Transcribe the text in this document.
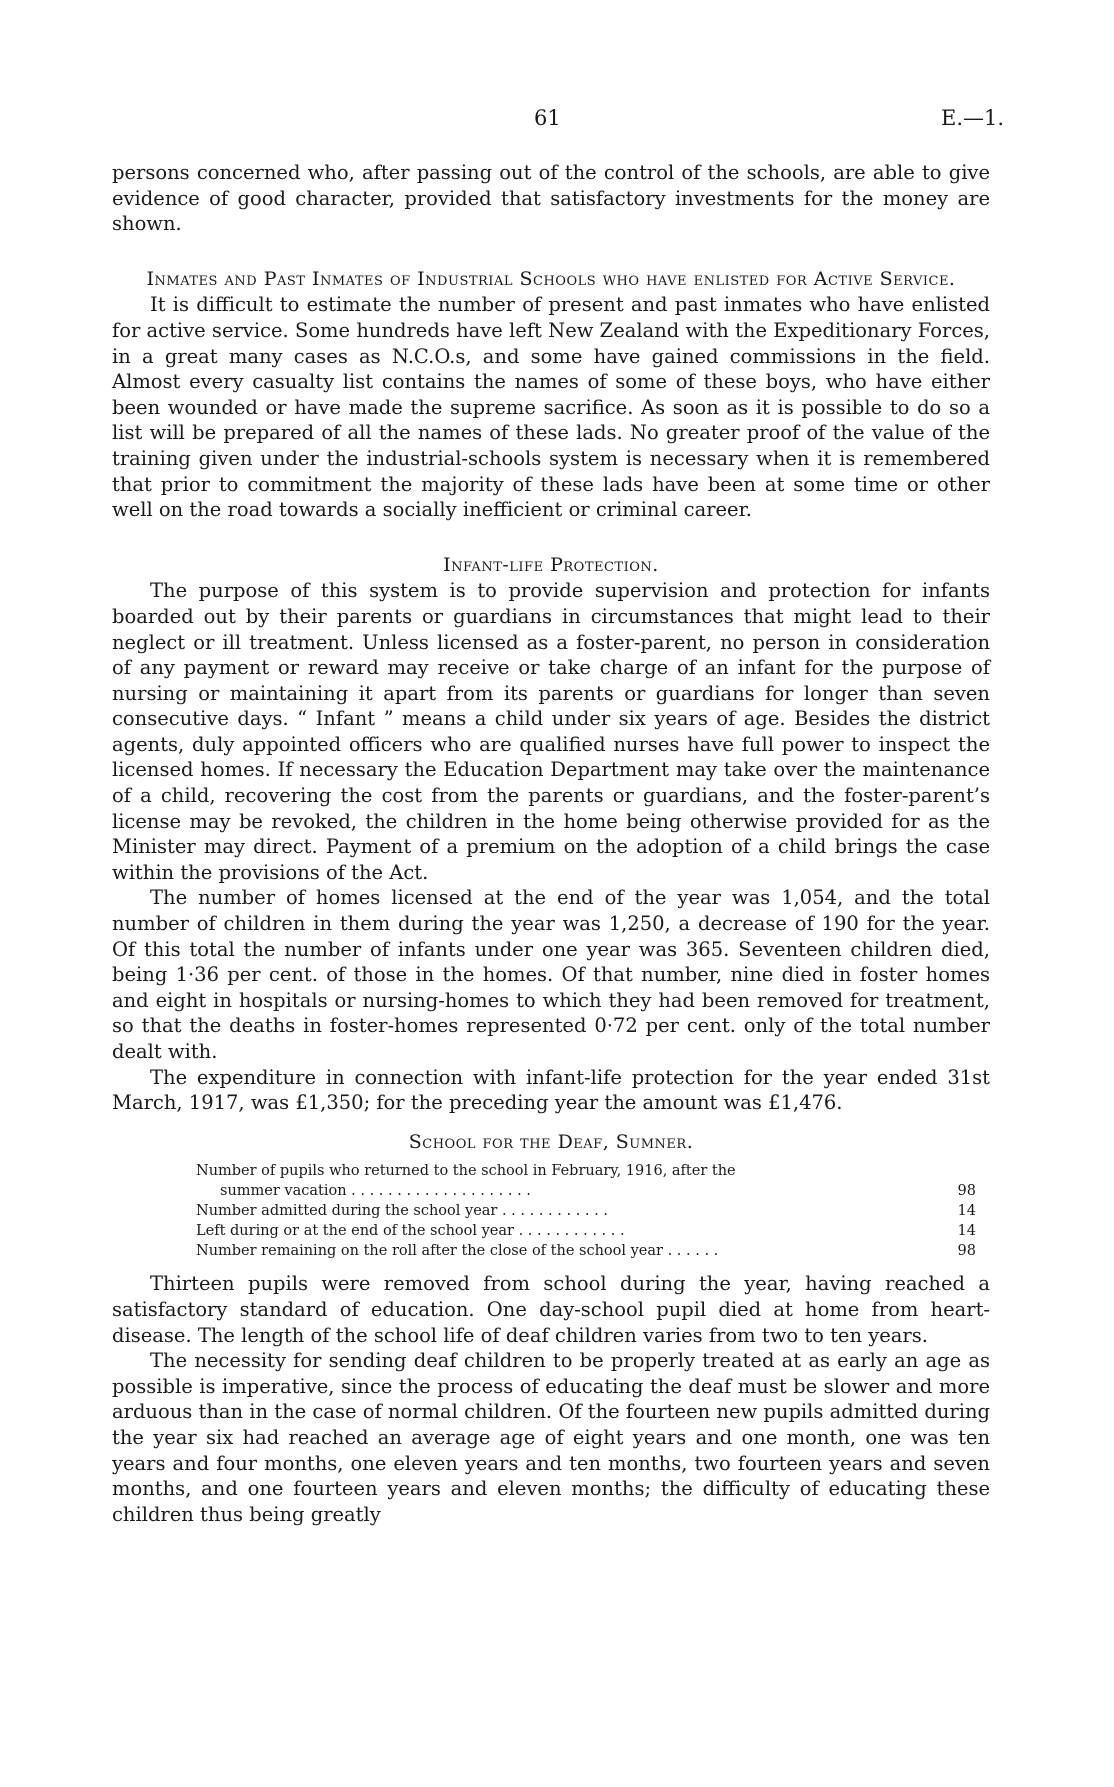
61	E.—1.

persons concerned who, after passing out of the control of the schools, are able to give evidence of good character, provided that satisfactory investments for the money are shown.

Inmates and Past Inmates of Industrial Schools who have enlisted for Active Service.

It is difficult to estimate the number of present and past inmates who have enlisted for active service. Some hundreds have left New Zealand with the Expeditionary Forces, in a great many cases as N.C.O.s, and some have gained commissions in the field. Almost every casualty list contains the names of some of these boys, who have either been wounded or have made the supreme sacrifice. As soon as it is possible to do so a list will be prepared of all the names of these lads. No greater proof of the value of the training given under the industrial-schools system is necessary when it is remembered that prior to commitment the majority of these lads have been at some time or other well on the road towards a socially inefficient or criminal career.

Infant-life Protection.

The purpose of this system is to provide supervision and protection for infants boarded out by their parents or guardians in circumstances that might lead to their neglect or ill treatment. Unless licensed as a foster-parent, no person in consideration of any payment or reward may receive or take charge of an infant for the purpose of nursing or maintaining it apart from its parents or guardians for longer than seven consecutive days. “ Infant ” means a child under six years of age. Besides the district agents, duly appointed officers who are qualified nurses have full power to inspect the licensed homes. If necessary the Education Department may take over the maintenance of a child, recovering the cost from the parents or guardians, and the foster-parent’s license may be revoked, the children in the home being otherwise provided for as the Minister may direct. Payment of a premium on the adoption of a child brings the case within the provisions of the Act.

The number of homes licensed at the end of the year was 1,054, and the total number of children in them during the year was 1,250, a decrease of 190 for the year. Of this total the number of infants under one year was 365. Seventeen children died, being 1·36 per cent. of those in the homes. Of that number, nine died in foster homes and eight in hospitals or nursing-homes to which they had been removed for treatment, so that the deaths in foster-homes represented 0·72 per cent. only of the total number dealt with.

The expenditure in connection with infant-life protection for the year ended 31st March, 1917, was £1,350; for the preceding year the amount was £1,476.

School for the Deaf, Sumner.
Number of pupils who returned to the school in February, 1916, after the
summer vacation . . . . . . . . . . . . . . . . . . . .	98
Number admitted during the school year . . . . . . . . . . . .	14
Left during or at the end of the school year . . . . . . . . . . . .	14
Number remaining on the roll after the close of the school year . . . . . .	98

Thirteen pupils were removed from school during the year, having reached a satisfactory standard of education. One day-school pupil died at home from heart-disease. The length of the school life of deaf children varies from two to ten years.

The necessity for sending deaf children to be properly treated at as early an age as possible is imperative, since the process of educating the deaf must be slower and more arduous than in the case of normal children. Of the fourteen new pupils admitted during the year six had reached an average age of eight years and one month, one was ten years and four months, one eleven years and ten months, two fourteen years and seven months, and one fourteen years and eleven months; the difficulty of educating these children thus being greatly
